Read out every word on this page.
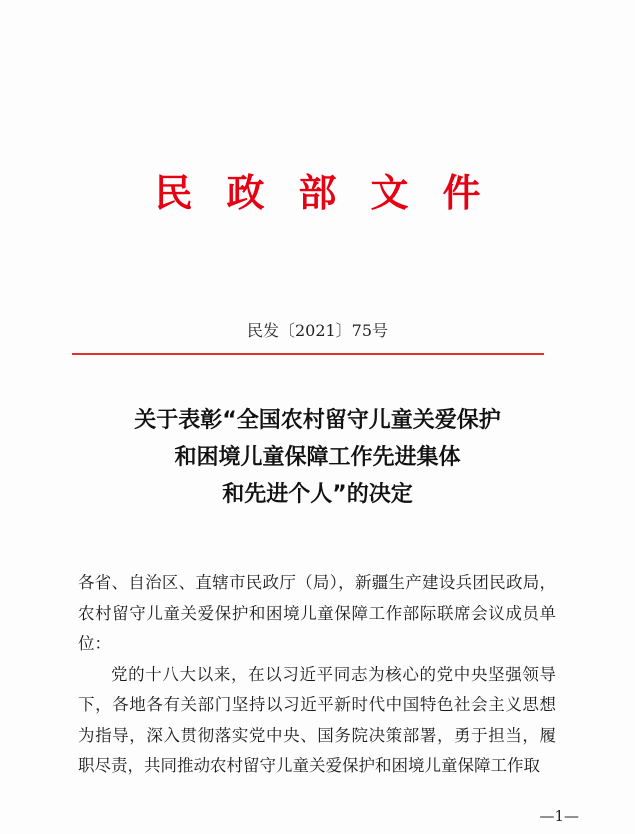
民政部文件
民发〔2021〕75号
关于表彰“全国农村留守儿童关爱保护
和困境儿童保障工作先进集体
和先进个人”的决定

各省、自治区、直辖市民政厅（局），新疆生产建设兵团民政局，农村留守儿童关爱保护和困境儿童保障工作部际联席会议成员单位：

党的十八大以来，在以习近平同志为核心的党中央坚强领导下，各地各有关部门坚持以习近平新时代中国特色社会主义思想为指导，深入贯彻落实党中央、国务院决策部署，勇于担当，履职尽责，共同推动农村留守儿童关爱保护和困境儿童保障工作取

—1—
